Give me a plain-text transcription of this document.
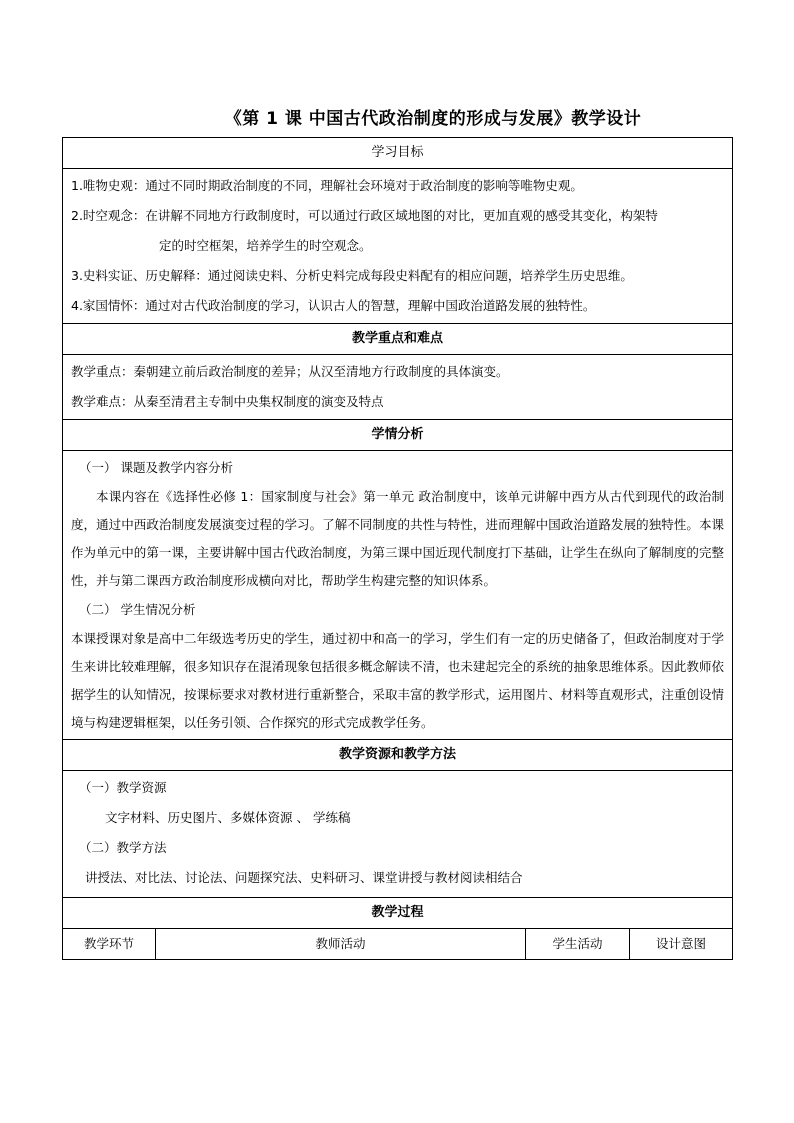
《第 1 课 中国古代政治制度的形成与发展》教学设计
学习目标

1.唯物史观：通过不同时期政治制度的不同，理解社会环境对于政治制度的影响等唯物史观。
2.时空观念：在讲解不同地方行政制度时，可以通过行政区域地图的对比，更加直观的感受其变化，构架特
定的时空框架，培养学生的时空观念。
3.史料实证、历史解释：通过阅读史料、分析史料完成每段史料配有的相应问题，培养学生历史思维。
4.家国情怀：通过对古代政治制度的学习，认识古人的智慧，理解中国政治道路发展的独特性。

教学重点和难点

教学重点：秦朝建立前后政治制度的差异；从汉至清地方行政制度的具体演变。
教学难点：从秦至清君主专制中央集权制度的演变及特点

学情分析

（一） 课题及教学内容分析
本课内容在《选择性必修 1：国家制度与社会》第一单元 政治制度中，该单元讲解中西方从古代到现代的政治制度，通过中西政治制度发展演变过程的学习。了解不同制度的共性与特性，进而理解中国政治道路发展的独特性。本课作为单元中的第一课，主要讲解中国古代政治制度，为第三课中国近现代制度打下基础，让学生在纵向了解制度的完整性，并与第二课西方政治制度形成横向对比，帮助学生构建完整的知识体系。
（二） 学生情况分析
本课授课对象是高中二年级选考历史的学生，通过初中和高一的学习，学生们有一定的历史储备了，但政治制度对于学生来讲比较难理解，很多知识存在混淆现象包括很多概念解读不清，也未建起完全的系统的抽象思维体系。因此教师依据学生的认知情况，按课标要求对教材进行重新整合，采取丰富的教学形式，运用图片、材料等直观形式，注重创设情境与构建逻辑框架，以任务引领、合作探究的形式完成教学任务。

教学资源和教学方法

（一）教学资源
文字材料、历史图片、多媒体资源 、 学练稿
（二）教学方法
讲授法、对比法、讨论法、问题探究法、史料研习、课堂讲授与教材阅读相结合

教学过程
教学环节	教师活动	学生活动	设计意图
